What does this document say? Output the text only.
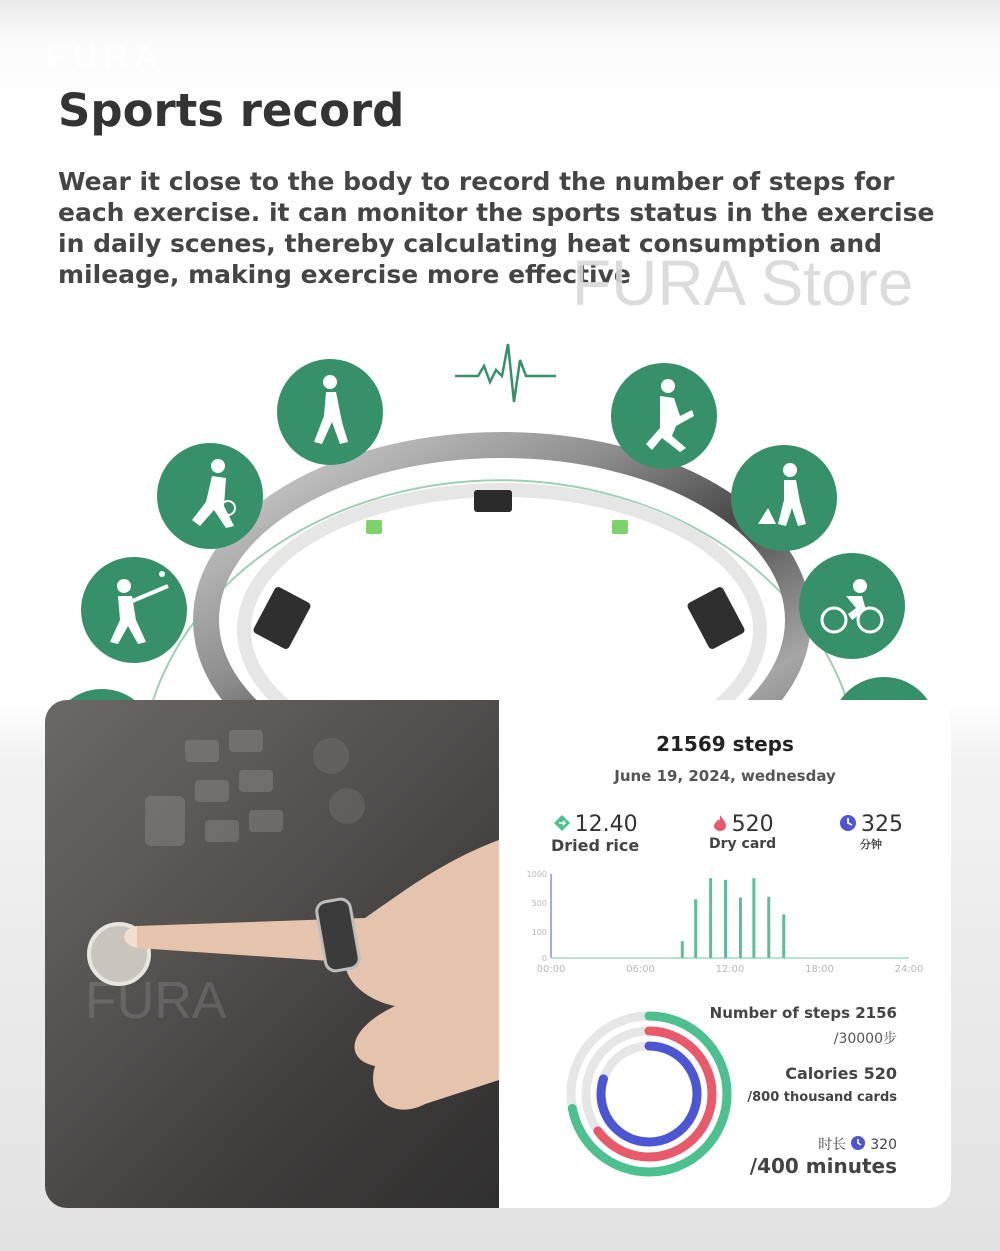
FURA
Sports record

Wear it close to the body to record the number of steps for each exercise. it can monitor the sports status in the exercise in daily scenes, thereby calculating heat consumption and mileage, making exercise more effective

FURA Store
FURA
21569 steps
June 19, 2024, wednesday
12.40
Dried rice
520
Dry card
325
分钟
0
100
500
1000
00:00	06:00	12:00	18:00	24:00
Number of steps 2156
/30000步
Calories 520
/800 thousand cards
时长 320
/400 minutes
